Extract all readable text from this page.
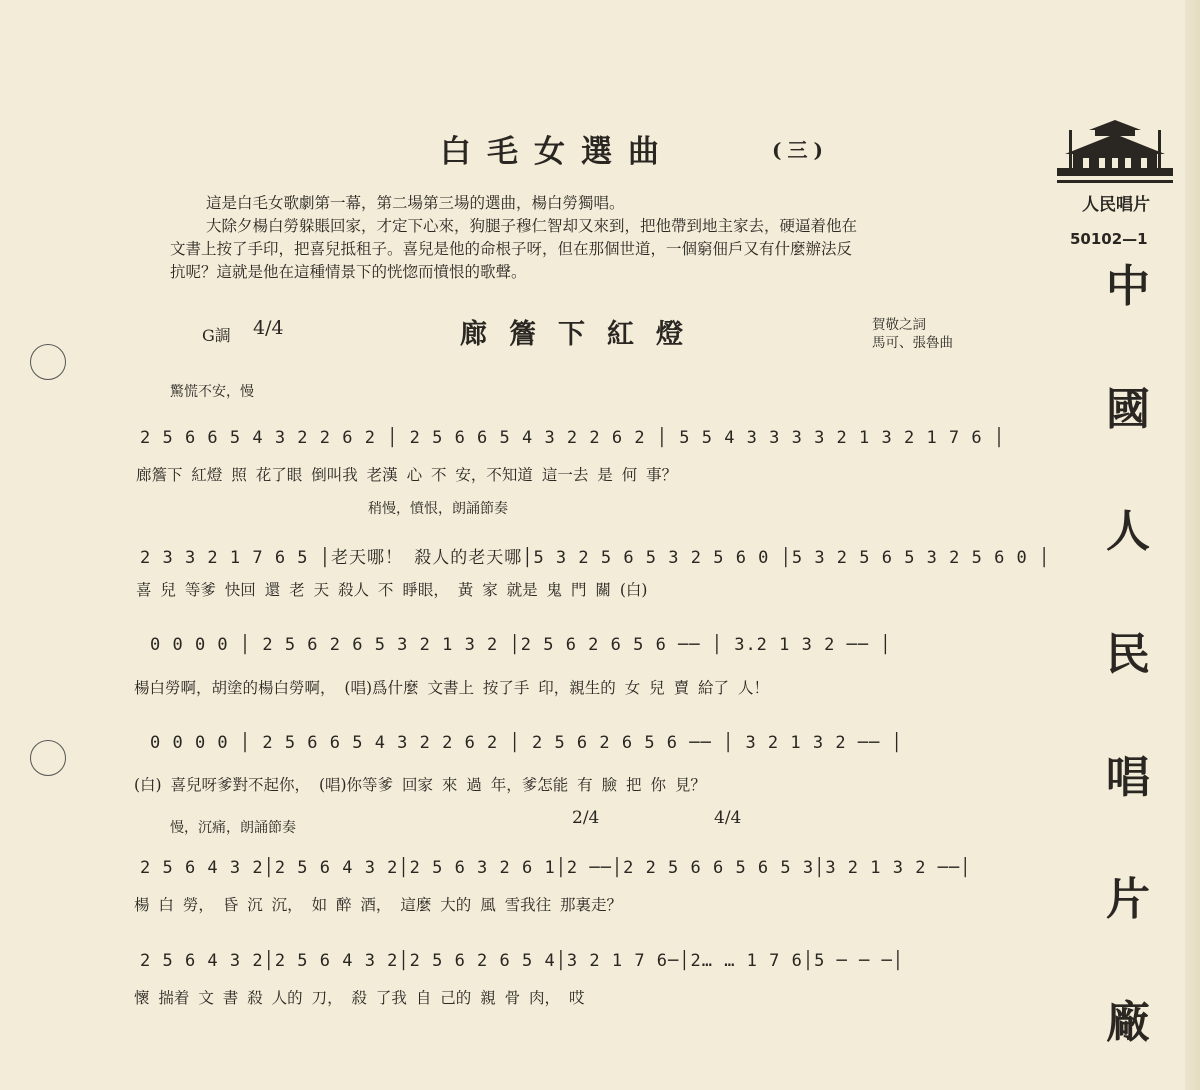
白毛女選曲	(三)
人民唱片
50102—1
中
國
人
民
唱
片
廠

這是白毛女歌劇第一幕，第二場第三場的選曲，楊白勞獨唱。

大除夕楊白勞躲賬回家，才定下心來，狗腿子穆仁智却又來到，把他帶到地主家去，硬逼着他在

文書上按了手印，把喜兒抵租子。喜兒是他的命根子呀，但在那個世道，一個窮佃戶又有什麼辦法反

抗呢？這就是他在這種情景下的恍惚而憤恨的歌聲。

G調 4/4	廊簷下紅燈	賀敬之詞
馬可、張魯曲
驚慌不安，慢
2 5 6 6 5 4 3 2 2 6 2 │ 2 5 6 6 5 4 3 2 2 6 2 │ 5 5 4 3 3 3 3 2 1 3 2 1 7 6 │
廊簷下 紅燈 照 花了眼 倒叫我 老漢 心 不 安，不知道 這一去 是 何 事？
稍慢，憤恨，朗誦節奏
2 3 3 2 1 7 6 5 │老天哪！ 殺人的老天哪│5 3 2 5 6 5 3 2 5 6 0 │5 3 2 5 6 5 3 2 5 6 0 │
喜 兒 等爹 快回 還 老 天 殺人 不 睜眼， 黃 家 就是 鬼 門 關 (白)
0 0 0 0 │ 2 5 6 2 6 5 3 2 1 3 2 │2 5 6 2 6 5 6 ── │ 3.2 1 3 2 ── │
楊白勞啊，胡塗的楊白勞啊， (唱)爲什麼 文書上 按了手 印，親生的 女 兒 賣 給了 人！
0 0 0 0 │ 2 5 6 6 5 4 3 2 2 6 2 │ 2 5 6 2 6 5 6 ── │ 3 2 1 3 2 ── │
(白) 喜兒呀爹對不起你， (唱)你等爹 回家 來 過 年，爹怎能 有 臉 把 你 見？
慢，沉痛，朗誦節奏	2/4	4/4
2 5 6 4 3 2│2 5 6 4 3 2│2 5 6 3 2 6 1│2 ──│2 2 5 6 6 5 6 5 3│3 2 1 3 2 ──│
楊 白 勞， 昏 沉 沉， 如 醉 酒， 這麼 大的 風 雪我往 那裏走？
2 5 6 4 3 2│2 5 6 4 3 2│2 5 6 2 6 5 4│3 2 1 7 6─│2… … 1 7 6│5 ─ ─ ─│
懷 揣着 文 書 殺 人的 刀， 殺 了我 自 己的 親 骨 肉， 哎
